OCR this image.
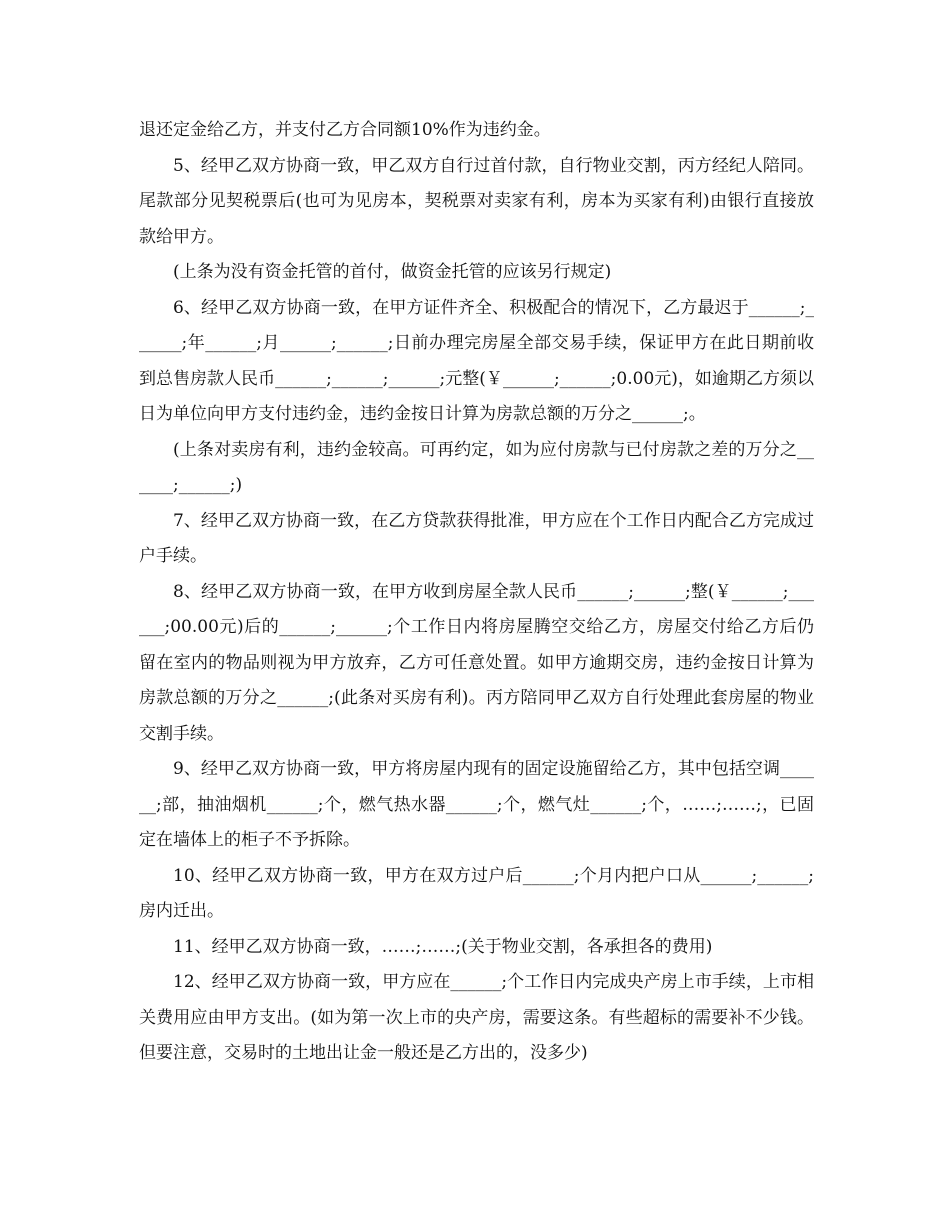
退还定金给乙方，并支付乙方合同额10%作为违约金。

5、经甲乙双方协商一致，甲乙双方自行过首付款，自行物业交割，丙方经纪人陪同。尾款部分见契税票后(也可为见房本，契税票对卖家有利，房本为买家有利)由银行直接放款给甲方。

(上条为没有资金托管的首付，做资金托管的应该另行规定)

6、经甲乙双方协商一致，在甲方证件齐全、积极配合的情况下，乙方最迟于______;______;年______;月______;______;日前办理完房屋全部交易手续，保证甲方在此日期前收到总售房款人民币______;______;______;元整(￥______;______;0.00元)，如逾期乙方须以日为单位向甲方支付违约金，违约金按日计算为房款总额的万分之______;。

(上条对卖房有利，违约金较高。可再约定，如为应付房款与已付房款之差的万分之______;______;)

7、经甲乙双方协商一致，在乙方贷款获得批准，甲方应在个工作日内配合乙方完成过户手续。

8、经甲乙双方协商一致，在甲方收到房屋全款人民币______;______;整(￥______;______;00.00元)后的______;______;个工作日内将房屋腾空交给乙方，房屋交付给乙方后仍留在室内的物品则视为甲方放弃，乙方可任意处置。如甲方逾期交房，违约金按日计算为房款总额的万分之______;(此条对买房有利)。丙方陪同甲乙双方自行处理此套房屋的物业交割手续。

9、经甲乙双方协商一致，甲方将房屋内现有的固定设施留给乙方，其中包括空调______;部，抽油烟机______;个，燃气热水器______;个，燃气灶______;个，……;……;，已固定在墙体上的柜子不予拆除。

10、经甲乙双方协商一致，甲方在双方过户后______;个月内把户口从______;______;房内迁出。

11、经甲乙双方协商一致，……;……;(关于物业交割，各承担各的费用)

12、经甲乙双方协商一致，甲方应在______;个工作日内完成央产房上市手续，上市相关费用应由甲方支出。(如为第一次上市的央产房，需要这条。有些超标的需要补不少钱。但要注意，交易时的土地出让金一般还是乙方出的，没多少)
